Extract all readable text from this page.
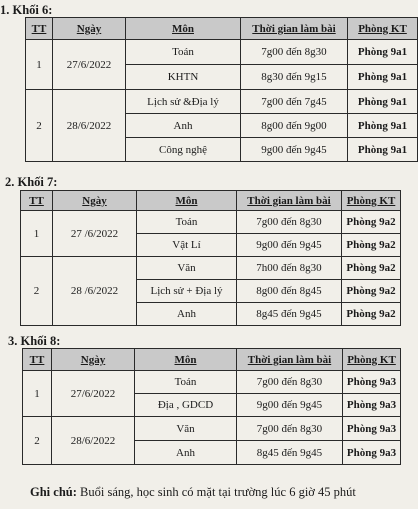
1. Khối 6:
TT	Ngày	Môn	Thời gian làm bài	Phòng KT
1	27/6/2022	Toán	7g00 đến 8g30	Phòng 9a1
		KHTN	8g30 đến 9g15	Phòng 9a1
2	28/6/2022	Lịch sử &Địa lý	7g00 đến 7g45	Phòng 9a1
		Anh	8g00 đến 9g00	Phòng 9a1
		Công nghệ	9g00 đến 9g45	Phòng 9a1
2. Khối 7:
TT	Ngày	Môn	Thời gian làm bài	Phòng KT
1	27 /6/2022	Toán	7g00 đến 8g30	Phòng 9a2
		Vật Lí	9g00 đến 9g45	Phòng 9a2
2	28 /6/2022	Văn	7h00 đến 8g30	Phòng 9a2
		Lịch sử + Địa lý	8g00 đến 8g45	Phòng 9a2
		Anh	8g45 đến 9g45	Phòng 9a2
3. Khối 8:
TT	Ngày	Môn	Thời gian làm bài	Phòng KT
1	27/6/2022	Toán	7g00 đến 8g30	Phòng 9a3
		Địa , GDCD	9g00 đến 9g45	Phòng 9a3
2	28/6/2022	Văn	7g00 đến 8g30	Phòng 9a3
		Anh	8g45 đến 9g45	Phòng 9a3
Ghi chú: Buổi sáng, học sinh có mặt tại trường lúc 6 giờ 45 phút
